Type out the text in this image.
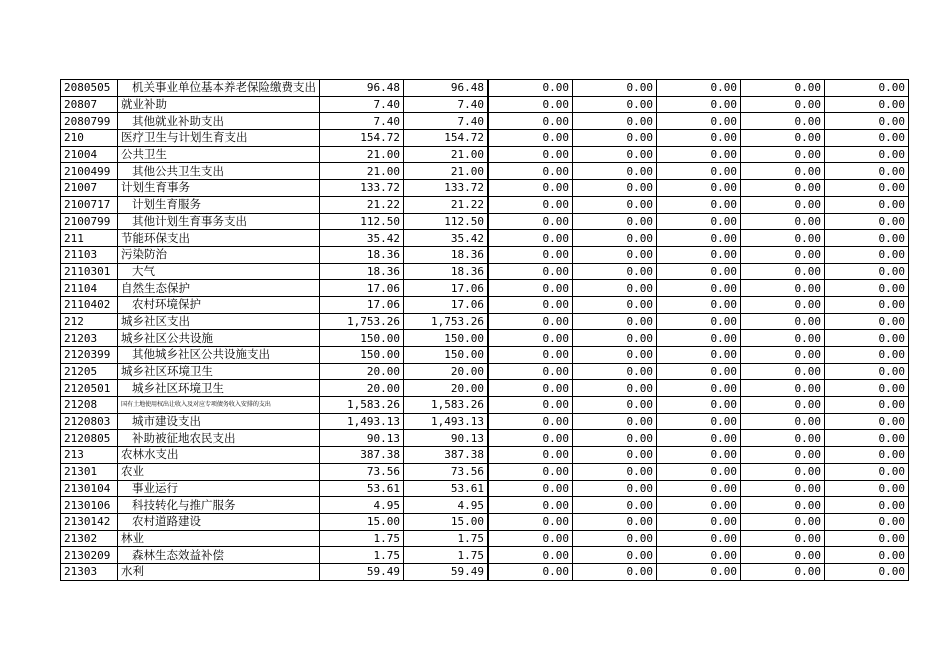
2080505	机关事业单位基本养老保险缴费支出	96.48	96.48	0.00	0.00	0.00	0.00	0.00
20807	就业补助	7.40	7.40	0.00	0.00	0.00	0.00	0.00
2080799	其他就业补助支出	7.40	7.40	0.00	0.00	0.00	0.00	0.00
210	医疗卫生与计划生育支出	154.72	154.72	0.00	0.00	0.00	0.00	0.00
21004	公共卫生	21.00	21.00	0.00	0.00	0.00	0.00	0.00
2100499	其他公共卫生支出	21.00	21.00	0.00	0.00	0.00	0.00	0.00
21007	计划生育事务	133.72	133.72	0.00	0.00	0.00	0.00	0.00
2100717	计划生育服务	21.22	21.22	0.00	0.00	0.00	0.00	0.00
2100799	其他计划生育事务支出	112.50	112.50	0.00	0.00	0.00	0.00	0.00
211	节能环保支出	35.42	35.42	0.00	0.00	0.00	0.00	0.00
21103	污染防治	18.36	18.36	0.00	0.00	0.00	0.00	0.00
2110301	大气	18.36	18.36	0.00	0.00	0.00	0.00	0.00
21104	自然生态保护	17.06	17.06	0.00	0.00	0.00	0.00	0.00
2110402	农村环境保护	17.06	17.06	0.00	0.00	0.00	0.00	0.00
212	城乡社区支出	1,753.26	1,753.26	0.00	0.00	0.00	0.00	0.00
21203	城乡社区公共设施	150.00	150.00	0.00	0.00	0.00	0.00	0.00
2120399	其他城乡社区公共设施支出	150.00	150.00	0.00	0.00	0.00	0.00	0.00
21205	城乡社区环境卫生	20.00	20.00	0.00	0.00	0.00	0.00	0.00
2120501	城乡社区环境卫生	20.00	20.00	0.00	0.00	0.00	0.00	0.00
21208	国有土地使用权出让收入及对应专项债务收入安排的支出	1,583.26	1,583.26	0.00	0.00	0.00	0.00	0.00
2120803	城市建设支出	1,493.13	1,493.13	0.00	0.00	0.00	0.00	0.00
2120805	补助被征地农民支出	90.13	90.13	0.00	0.00	0.00	0.00	0.00
213	农林水支出	387.38	387.38	0.00	0.00	0.00	0.00	0.00
21301	农业	73.56	73.56	0.00	0.00	0.00	0.00	0.00
2130104	事业运行	53.61	53.61	0.00	0.00	0.00	0.00	0.00
2130106	科技转化与推广服务	4.95	4.95	0.00	0.00	0.00	0.00	0.00
2130142	农村道路建设	15.00	15.00	0.00	0.00	0.00	0.00	0.00
21302	林业	1.75	1.75	0.00	0.00	0.00	0.00	0.00
2130209	森林生态效益补偿	1.75	1.75	0.00	0.00	0.00	0.00	0.00
21303	水利	59.49	59.49	0.00	0.00	0.00	0.00	0.00
